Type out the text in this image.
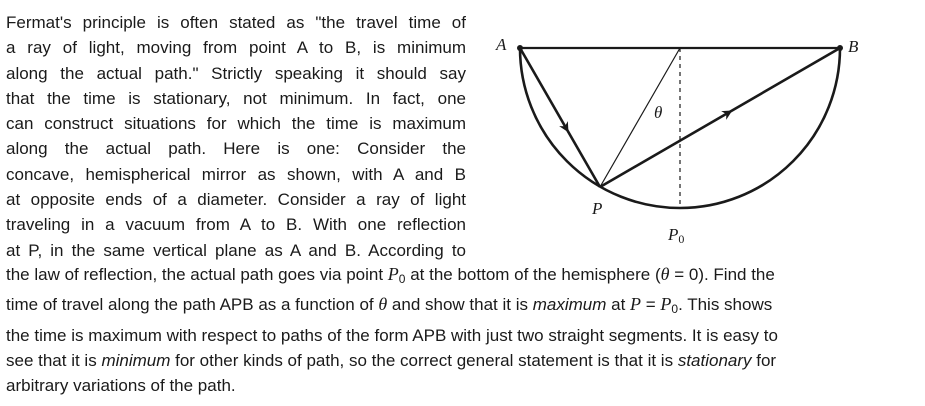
Fermat's principle is often stated as "the travel time of
a ray of light, moving from point A to B, is minimum
along the actual path." Strictly speaking it should say
that the time is stationary, not minimum. In fact, one
can construct situations for which the time is maximum
along the actual path. Here is one: Consider the
concave, hemispherical mirror as shown, with A and B
at opposite ends of a diameter. Consider a ray of light
traveling in a vacuum from A to B. With one reflection
at P, in the same vertical plane as A and B. According to
the law of reflection, the actual path goes via point $P_0$ at the bottom of the hemisphere (θ = 0). Find the
time of travel along the path APB as a function of θ and show that it is maximum at $P = P_0$. This shows
the time is maximum with respect to paths of the form APB with just two straight segments. It is easy to
see that it is minimum for other kinds of path, so the correct general statement is that it is stationary for
arbitrary variations of the path.
A	B
P
P0
θ
